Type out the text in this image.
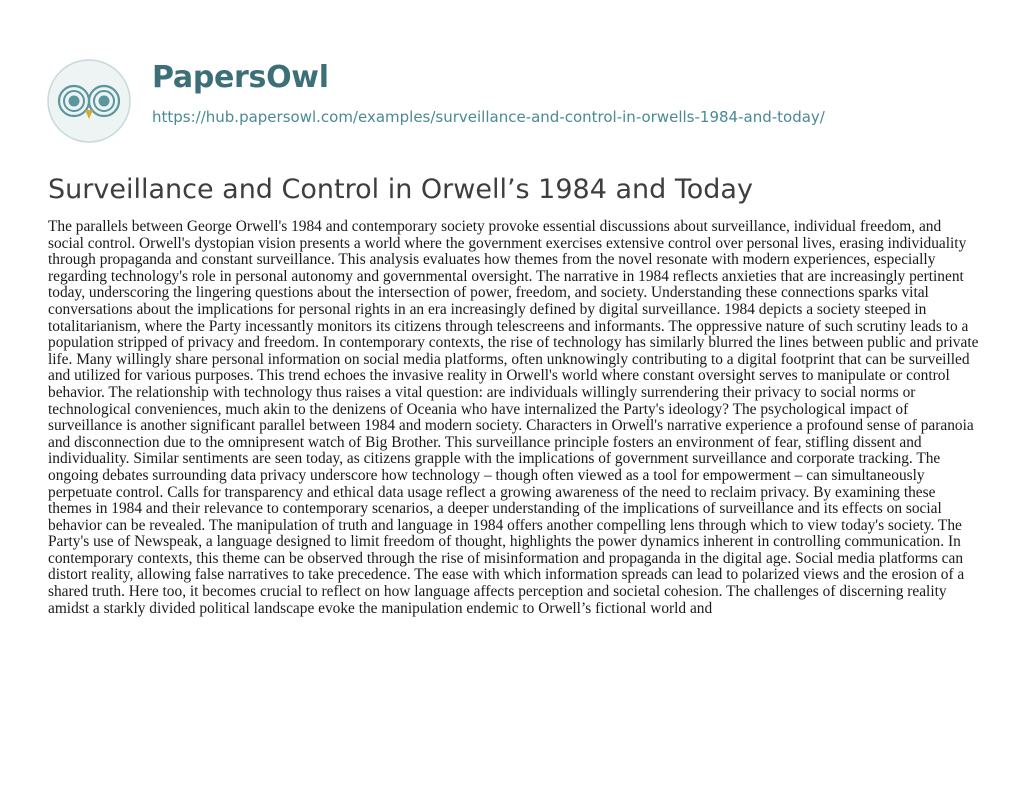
PapersOwl
https://hub.papersowl.com/examples/surveillance-and-control-in-orwells-1984-and-today/
Surveillance and Control in Orwell’s 1984 and Today

The parallels between George Orwell's 1984 and contemporary society provoke essential discussions about surveillance, individual freedom, and social control. Orwell's dystopian vision presents a world where the government exercises extensive control over personal lives, erasing individuality through propaganda and constant surveillance. This analysis evaluates how themes from the novel resonate with modern experiences, especially regarding technology's role in personal autonomy and governmental oversight. The narrative in 1984 reflects anxieties that are increasingly pertinent today, underscoring the lingering questions about the intersection of power, freedom, and society. Understanding these connections sparks vital conversations about the implications for personal rights in an era increasingly defined by digital surveillance. 1984 depicts a society steeped in totalitarianism, where the Party incessantly monitors its citizens through telescreens and informants. The oppressive nature of such scrutiny leads to a population stripped of privacy and freedom. In contemporary contexts, the rise of technology has similarly blurred the lines between public and private life. Many willingly share personal information on social media platforms, often unknowingly contributing to a digital footprint that can be surveilled and utilized for various purposes. This trend echoes the invasive reality in Orwell's world where constant oversight serves to manipulate or control behavior. The relationship with technology thus raises a vital question: are individuals willingly surrendering their privacy to social norms or technological conveniences, much akin to the denizens of Oceania who have internalized the Party's ideology? The psychological impact of surveillance is another significant parallel between 1984 and modern society. Characters in Orwell's narrative experience a profound sense of paranoia and disconnection due to the omnipresent watch of Big Brother. This surveillance principle fosters an environment of fear, stifling dissent and individuality. Similar sentiments are seen today, as citizens grapple with the implications of government surveillance and corporate tracking. The ongoing debates surrounding data privacy underscore how technology – though often viewed as a tool for empowerment – can simultaneously perpetuate control. Calls for transparency and ethical data usage reflect a growing awareness of the need to reclaim privacy. By examining these themes in 1984 and their relevance to contemporary scenarios, a deeper understanding of the implications of surveillance and its effects on social behavior can be revealed. The manipulation of truth and language in 1984 offers another compelling lens through which to view today's society. The Party's use of Newspeak, a language designed to limit freedom of thought, highlights the power dynamics inherent in controlling communication. In contemporary contexts, this theme can be observed through the rise of misinformation and propaganda in the digital age. Social media platforms can distort reality, allowing false narratives to take precedence. The ease with which information spreads can lead to polarized views and the erosion of a shared truth. Here too, it becomes crucial to reflect on how language affects perception and societal cohesion. The challenges of discerning reality amidst a starkly divided political landscape evoke the manipulation endemic to Orwell’s fictional world and
